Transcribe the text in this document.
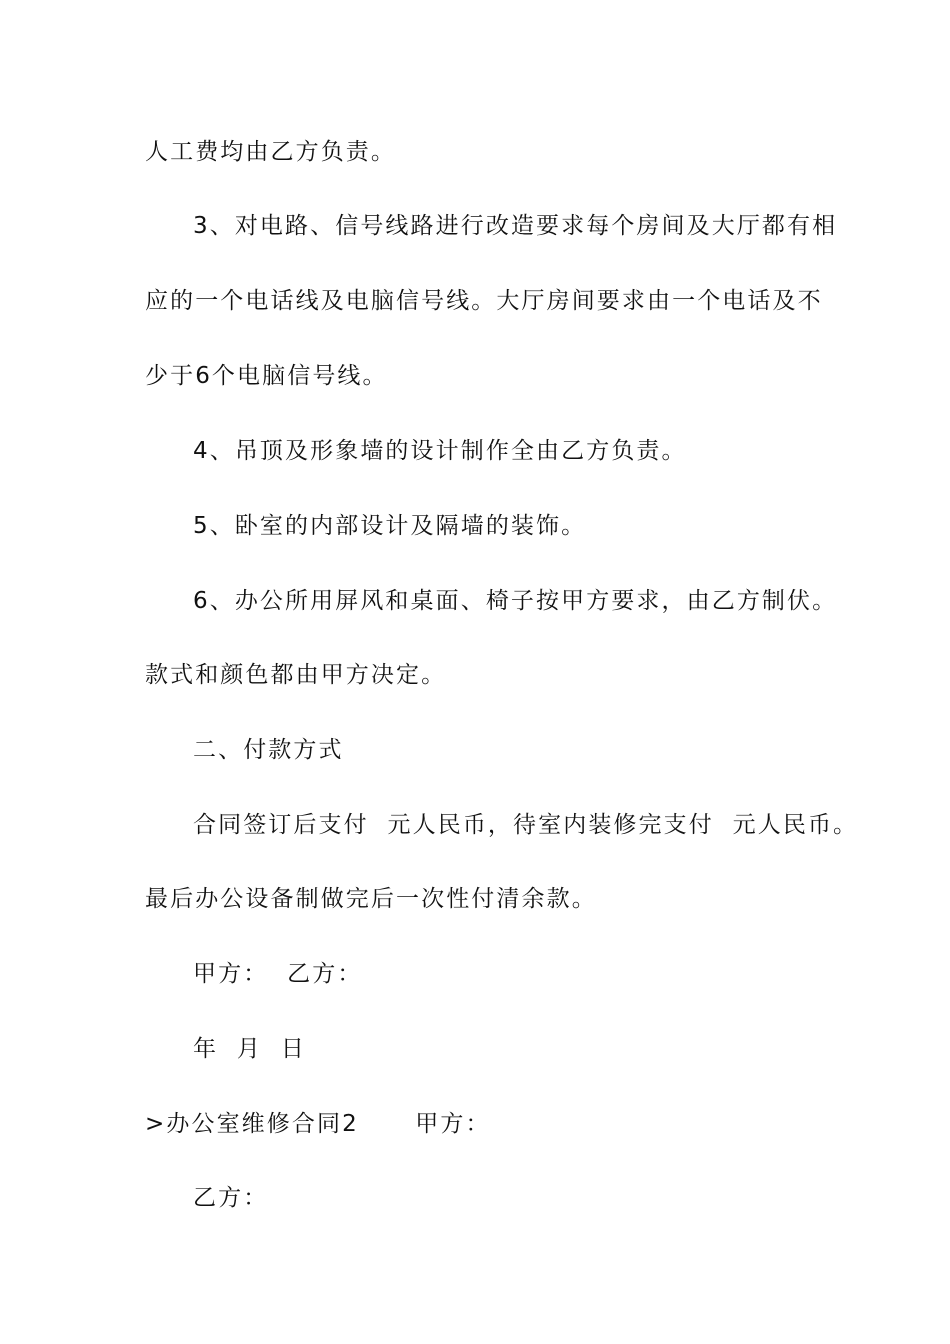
人工费均由乙方负责。
3、对电路、信号线路进行改造要求每个房间及大厅都有相
应的一个电话线及电脑信号线。大厅房间要求由一个电话及不
少于6个电脑信号线。
4、吊顶及形象墙的设计制作全由乙方负责。
5、卧室的内部设计及隔墙的装饰。
6、办公所用屏风和桌面、椅子按甲方要求，由乙方制伏。
款式和颜色都由甲方决定。
二、付款方式
合同签订后支付  元人民币，待室内装修完支付  元人民币。
最后办公设备制做完后一次性付清余款。
甲方：  乙方：
年  月  日
>办公室维修合同2      甲方：
乙方：
